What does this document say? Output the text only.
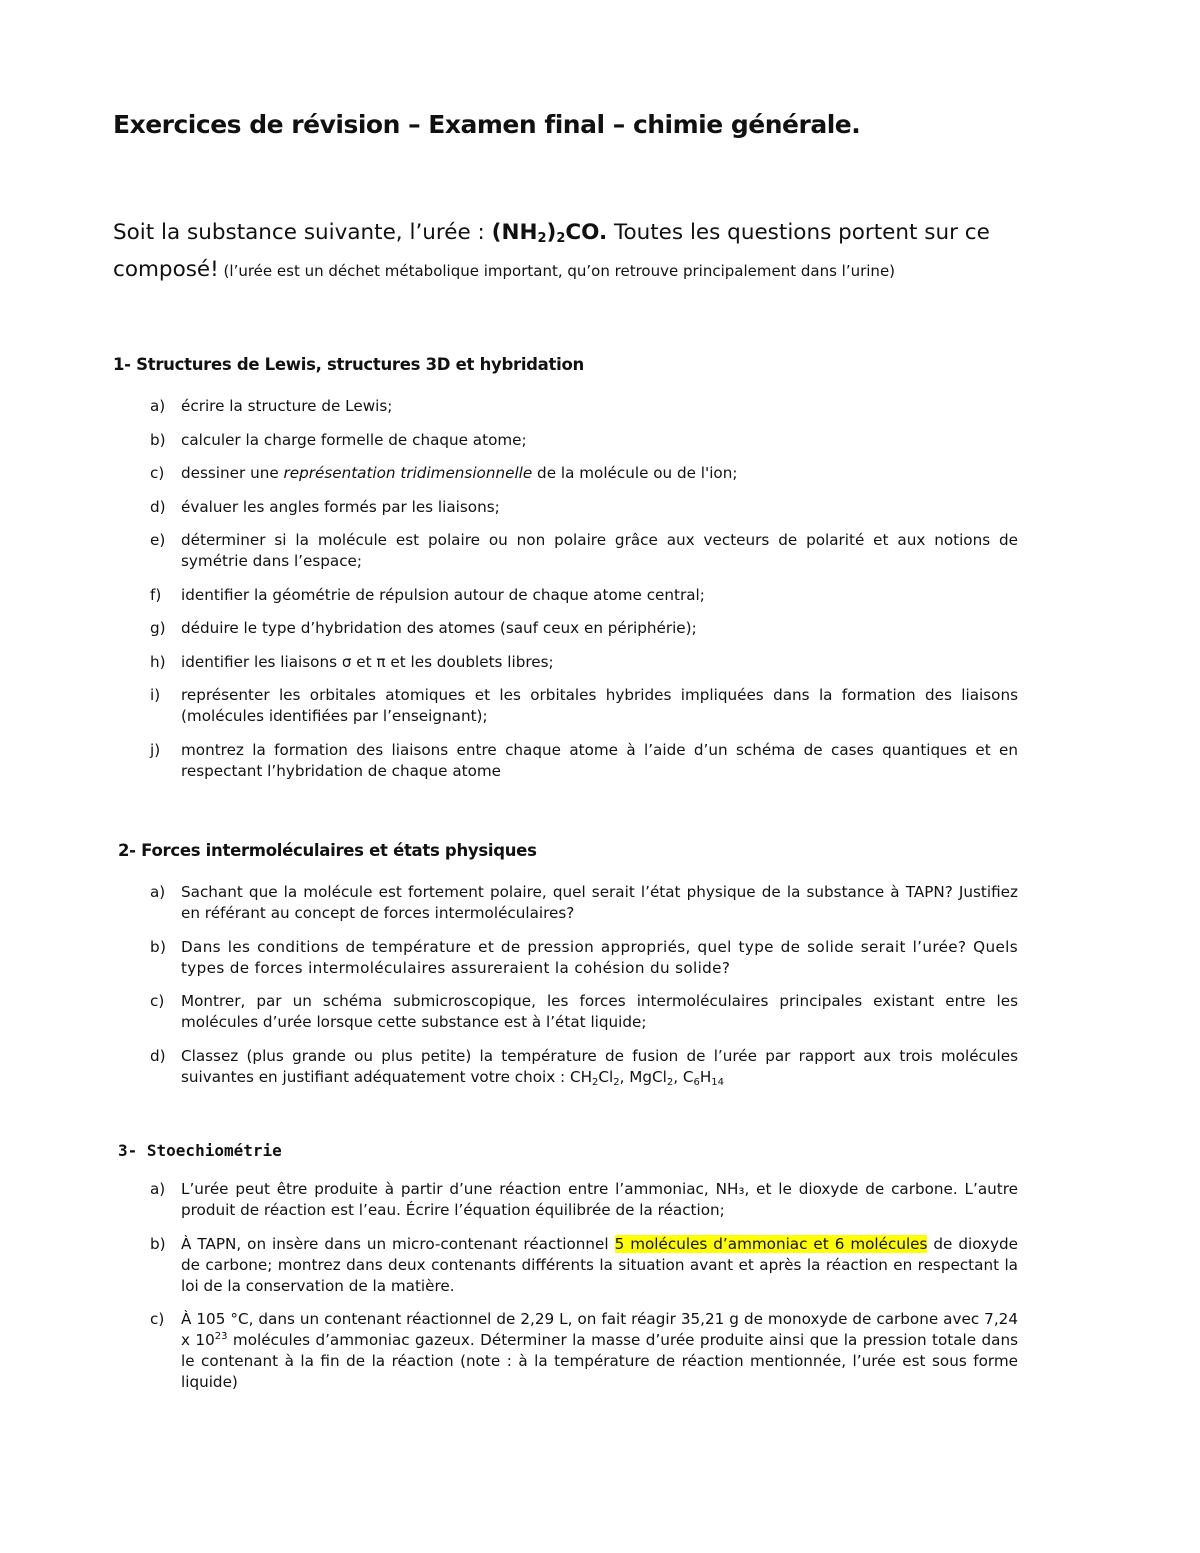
Exercices de révision – Examen final – chimie générale.

Soit la substance suivante, l’urée : $(NH_2)_2CO$. Toutes les questions portent sur ce composé! (l’urée est un déchet métabolique important, qu’on retrouve principalement dans l’urine)

1- Structures de Lewis, structures 3D et hybridation
a) écrire la structure de Lewis;
b) calculer la charge formelle de chaque atome;
c) dessiner une représentation tridimensionnelle de la molécule ou de l'ion;
d) évaluer les angles formés par les liaisons;
e) déterminer si la molécule est polaire ou non polaire grâce aux vecteurs de polarité et aux notions de symétrie dans l’espace;
f) identifier la géométrie de répulsion autour de chaque atome central;
g) déduire le type d’hybridation des atomes (sauf ceux en périphérie);
h) identifier les liaisons σ et π et les doublets libres;
i) représenter les orbitales atomiques et les orbitales hybrides impliquées dans la formation des liaisons (molécules identifiées par l’enseignant);
j) montrez la formation des liaisons entre chaque atome à l’aide d’un schéma de cases quantiques et en respectant l’hybridation de chaque atome
2- Forces intermoléculaires et états physiques
a) Sachant que la molécule est fortement polaire, quel serait l’état physique de la substance à TAPN? Justifiez en référant au concept de forces intermoléculaires?
b) Dans les conditions de température et de pression appropriés, quel type de solide serait l’urée? Quels types de forces intermoléculaires assureraient la cohésion du solide?
c) Montrer, par un schéma submicroscopique, les forces intermoléculaires principales existant entre les molécules d’urée lorsque cette substance est à l’état liquide;
d) Classez (plus grande ou plus petite) la température de fusion de l’urée par rapport aux trois molécules suivantes en justifiant adéquatement votre choix : $CH_2Cl_2$, MgCl$_2$, $C_6H_{14}$
3- Stoechiométrie
a) L’urée peut être produite à partir d’une réaction entre l’ammoniac, NH₃, et le dioxyde de carbone. L’autre produit de réaction est l’eau. Écrire l’équation équilibrée de la réaction;
b) À TAPN, on insère dans un micro-contenant réactionnel 5 molécules d’ammoniac et 6 molécules de dioxyde de carbone; montrez dans deux contenants différents la situation avant et après la réaction en respectant la loi de la conservation de la matière.
c) À 105 °C, dans un contenant réactionnel de 2,29 L, on fait réagir 35,21 g de monoxyde de carbone avec 7,24 x $10^{23}$ molécules d’ammoniac gazeux. Déterminer la masse d’urée produite ainsi que la pression totale dans le contenant à la fin de la réaction (note : à la température de réaction mentionnée, l’urée est sous forme liquide)
